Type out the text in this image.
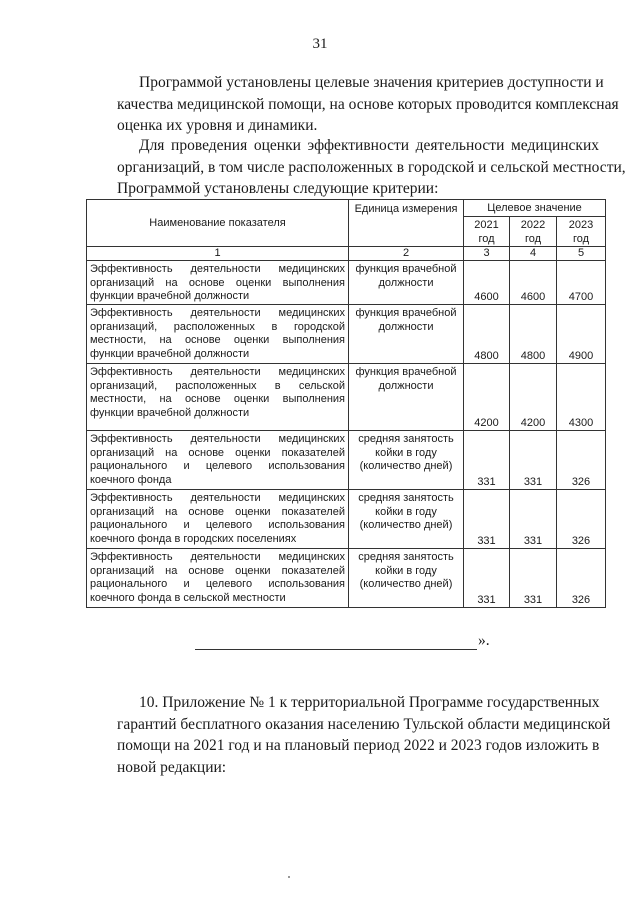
31
Программой установлены целевые значения критериев доступности и
качества медицинской помощи, на основе которых проводится комплексная
оценка их уровня и динамики.
Для проведения оценки эффективности деятельности медицинских
организаций, в том числе расположенных в городской и сельской местности,
Программой установлены следующие критерии:
Наименование показателя	Единица измерения	Целевое значение		
		2021 год	2022 год	2023 год
1	2	3	4	5
Эффективность деятельности медицинских организаций на основе оценки выполнения функции врачебной должности	функция врачебной должности	4600	4600	4700
Эффективность деятельности медицинских организаций, расположенных в городской местности, на основе оценки выполнения функции врачебной должности	функция врачебной должности	4800	4800	4900
Эффективность деятельности медицинских организаций, расположенных в сельской местности, на основе оценки выполнения функции врачебной должности	функция врачебной должности	4200	4200	4300
Эффективность деятельности медицинских организаций на основе оценки показателей рационального и целевого использования коечного фонда	средняя занятость койки в году (количество дней)	331	331	326
Эффективность деятельности медицинских организаций на основе оценки показателей рационального и целевого использования коечного фонда в городских поселениях	средняя занятость койки в году (количество дней)	331	331	326
Эффективность деятельности медицинских организаций на основе оценки показателей рационального и целевого использования коечного фонда в сельской местности	средняя занятость койки в году (количество дней)	331	331	326
».
10. Приложение № 1 к территориальной Программе государственных
гарантий бесплатного оказания населению Тульской области медицинской
помощи на 2021 год и на плановый период 2022 и 2023 годов изложить в
новой редакции:
